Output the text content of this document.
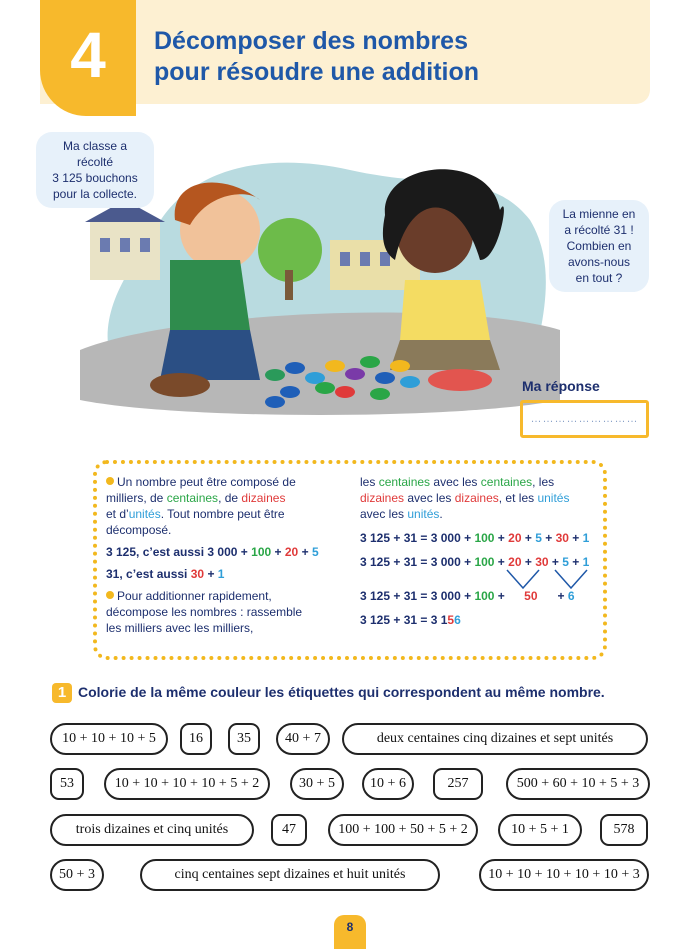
4	Décomposer des nombres
pour résoudre une addition
Ma classe a récolté
3 125 bouchons
pour la collecte.
La mienne en
a récolté 31 !
Combien en
avons-nous
en tout ?
Ma réponse
………………………
Un nombre peut être composé de
milliers, de centaines, de dizaines
et d’unités. Tout nombre peut être
décomposé.
3 125, c’est aussi 3 000 + 100 + 20 + 5
31, c’est aussi 30 + 1
Pour additionner rapidement,
décompose les nombres : rassemble
les milliers avec les milliers,
les centaines avec les centaines, les
dizaines avec les dizaines, et les unités
avec les unités.
3 125 + 31 = 3 000 + 100 + 20 + 5 + 30 + 1
3 125 + 31 = 3 000 + 100 + 20 + 30 + 5 + 1
3 125 + 31 = 3 000 + 100 + 50 + 6
3 125 + 31 = 3 156
1 Colorie de la même couleur les étiquettes qui correspondent au même nombre.
10 + 10 + 10 + 5	16	35	40 + 7	deux centaines cinq dizaines et sept unités
53	10 + 10 + 10 + 10 + 5 + 2	30 + 5	10 + 6	257	500 + 60 + 10 + 5 + 3
trois dizaines et cinq unités	47	100 + 100 + 50 + 5 + 2	10 + 5 + 1	578
50 + 3	cinq centaines sept dizaines et huit unités	10 + 10 + 10 + 10 + 10 + 3
8
